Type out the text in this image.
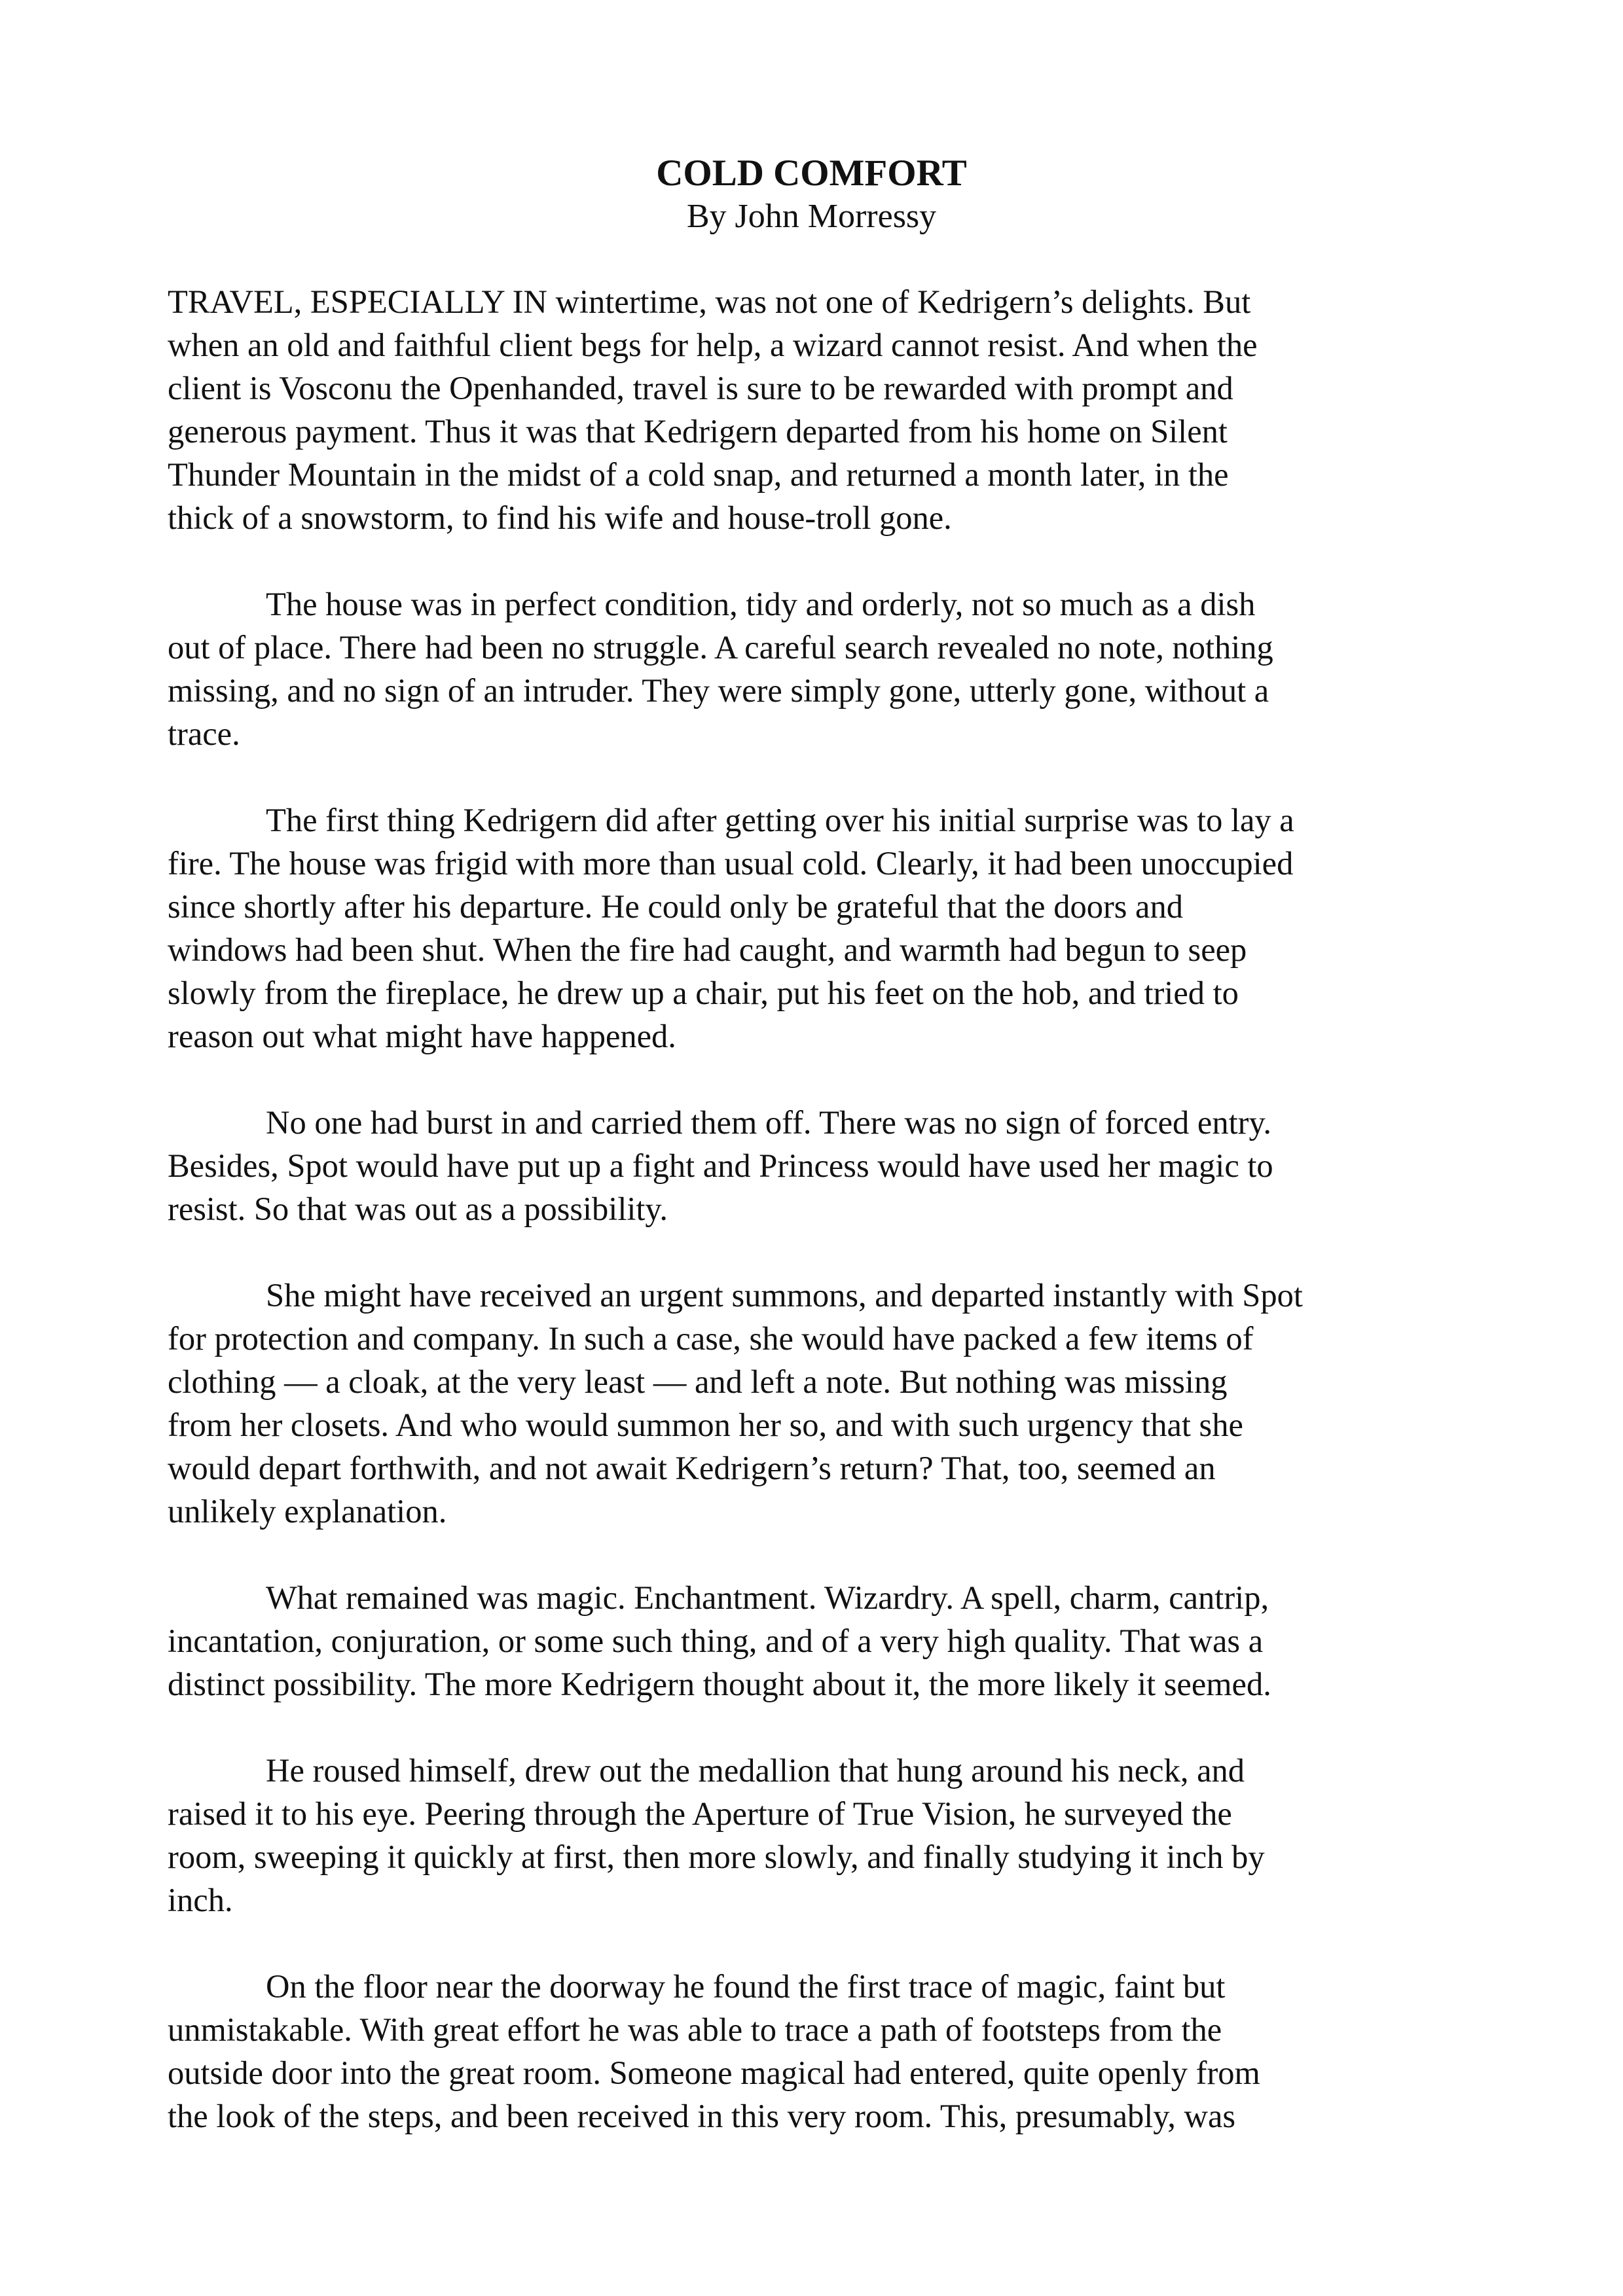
COLD COMFORT
By John Morressy
TRAVEL, ESPECIALLY IN wintertime, was not one of Kedrigern’s delights. But
when an old and faithful client begs for help, a wizard cannot resist. And when the
client is Vosconu the Openhanded, travel is sure to be rewarded with prompt and
generous payment. Thus it was that Kedrigern departed from his home on Silent
Thunder Mountain in the midst of a cold snap, and returned a month later, in the
thick of a snowstorm, to find his wife and house-troll gone.
The house was in perfect condition, tidy and orderly, not so much as a dish
out of place. There had been no struggle. A careful search revealed no note, nothing
missing, and no sign of an intruder. They were simply gone, utterly gone, without a
trace.
The first thing Kedrigern did after getting over his initial surprise was to lay a
fire. The house was frigid with more than usual cold. Clearly, it had been unoccupied
since shortly after his departure. He could only be grateful that the doors and
windows had been shut. When the fire had caught, and warmth had begun to seep
slowly from the fireplace, he drew up a chair, put his feet on the hob, and tried to
reason out what might have happened.
No one had burst in and carried them off. There was no sign of forced entry.
Besides, Spot would have put up a fight and Princess would have used her magic to
resist. So that was out as a possibility.
She might have received an urgent summons, and departed instantly with Spot
for protection and company. In such a case, she would have packed a few items of
clothing — a cloak, at the very least — and left a note. But nothing was missing
from her closets. And who would summon her so, and with such urgency that she
would depart forthwith, and not await Kedrigern’s return? That, too, seemed an
unlikely explanation.
What remained was magic. Enchantment. Wizardry. A spell, charm, cantrip,
incantation, conjuration, or some such thing, and of a very high quality. That was a
distinct possibility. The more Kedrigern thought about it, the more likely it seemed.
He roused himself, drew out the medallion that hung around his neck, and
raised it to his eye. Peering through the Aperture of True Vision, he surveyed the
room, sweeping it quickly at first, then more slowly, and finally studying it inch by
inch.
On the floor near the doorway he found the first trace of magic, faint but
unmistakable. With great effort he was able to trace a path of footsteps from the
outside door into the great room. Someone magical had entered, quite openly from
the look of the steps, and been received in this very room. This, presumably, was
